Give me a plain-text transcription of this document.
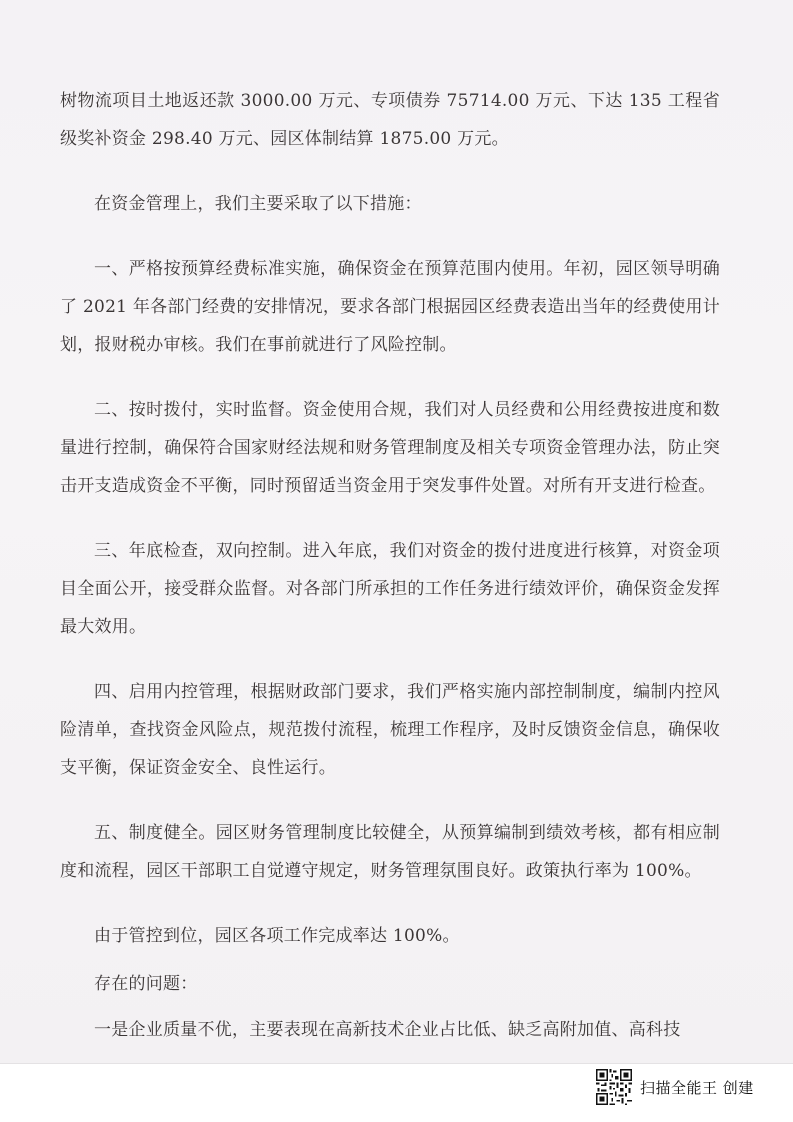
树物流项目土地返还款 3000.00 万元、专项债券 75714.00 万元、下达 135 工程省级奖补资金 298.40 万元、园区体制结算 1875.00 万元。

在资金管理上，我们主要采取了以下措施：

一、严格按预算经费标准实施，确保资金在预算范围内使用。年初，园区领导明确了 2021 年各部门经费的安排情况，要求各部门根据园区经费表造出当年的经费使用计划，报财税办审核。我们在事前就进行了风险控制。

二、按时拨付，实时监督。资金使用合规，我们对人员经费和公用经费按进度和数量进行控制，确保符合国家财经法规和财务管理制度及相关专项资金管理办法，防止突击开支造成资金不平衡，同时预留适当资金用于突发事件处置。对所有开支进行检查。

三、年底检查，双向控制。进入年底，我们对资金的拨付进度进行核算，对资金项目全面公开，接受群众监督。对各部门所承担的工作任务进行绩效评价，确保资金发挥最大效用。

四、启用内控管理，根据财政部门要求，我们严格实施内部控制制度，编制内控风险清单，查找资金风险点，规范拨付流程，梳理工作程序，及时反馈资金信息，确保收支平衡，保证资金安全、良性运行。

五、制度健全。园区财务管理制度比较健全，从预算编制到绩效考核，都有相应制度和流程，园区干部职工自觉遵守规定，财务管理氛围良好。政策执行率为 100%。

由于管控到位，园区各项工作完成率达 100%。

存在的问题：

一是企业质量不优，主要表现在高新技术企业占比低、缺乏高附加值、高科技

扫描全能王 创建
